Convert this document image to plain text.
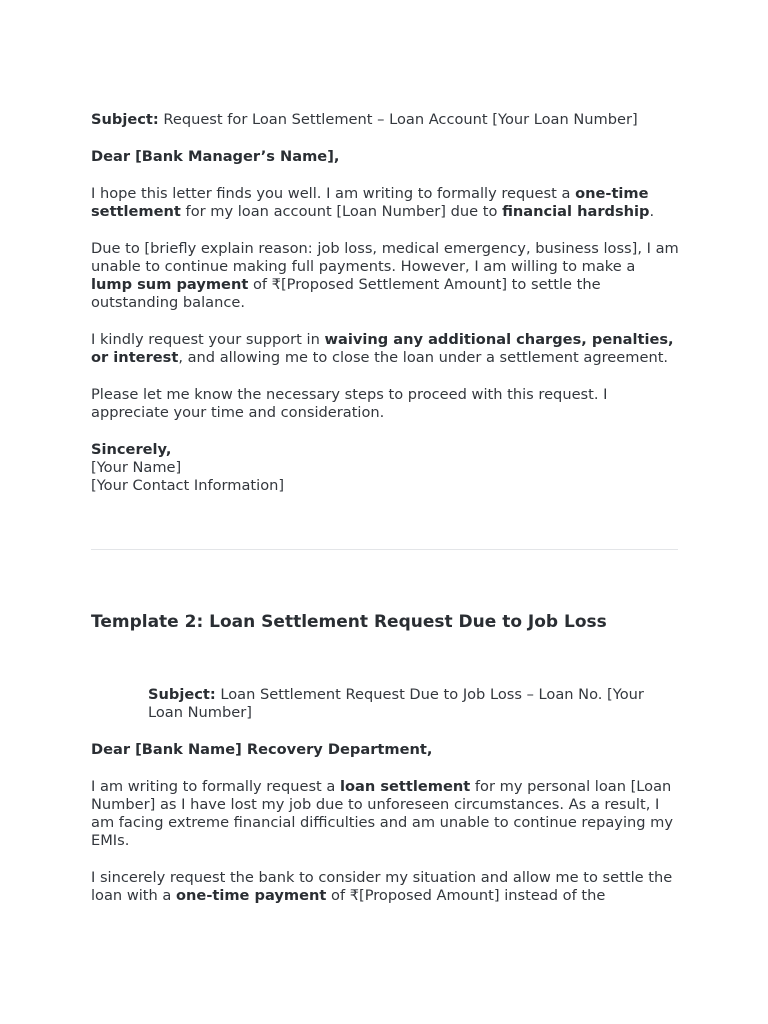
Subject: Request for Loan Settlement – Loan Account [Your Loan Number]

Dear [Bank Manager’s Name],

I hope this letter finds you well. I am writing to formally request a one-time settlement for my loan account [Loan Number] due to financial hardship.

Due to [briefly explain reason: job loss, medical emergency, business loss], I am unable to continue making full payments. However, I am willing to make a lump sum payment of ₹[Proposed Settlement Amount] to settle the outstanding balance.

I kindly request your support in waiving any additional charges, penalties, or interest, and allowing me to close the loan under a settlement agreement.

Please let me know the necessary steps to proceed with this request. I appreciate your time and consideration.

Sincerely,
[Your Name]
[Your Contact Information]

Template 2: Loan Settlement Request Due to Job Loss

Subject: Loan Settlement Request Due to Job Loss – Loan No. [Your Loan Number]

Dear [Bank Name] Recovery Department,

I am writing to formally request a loan settlement for my personal loan [Loan Number] as I have lost my job due to unforeseen circumstances. As a result, I am facing extreme financial difficulties and am unable to continue repaying my EMIs.

I sincerely request the bank to consider my situation and allow me to settle the loan with a one-time payment of ₹[Proposed Amount] instead of the
